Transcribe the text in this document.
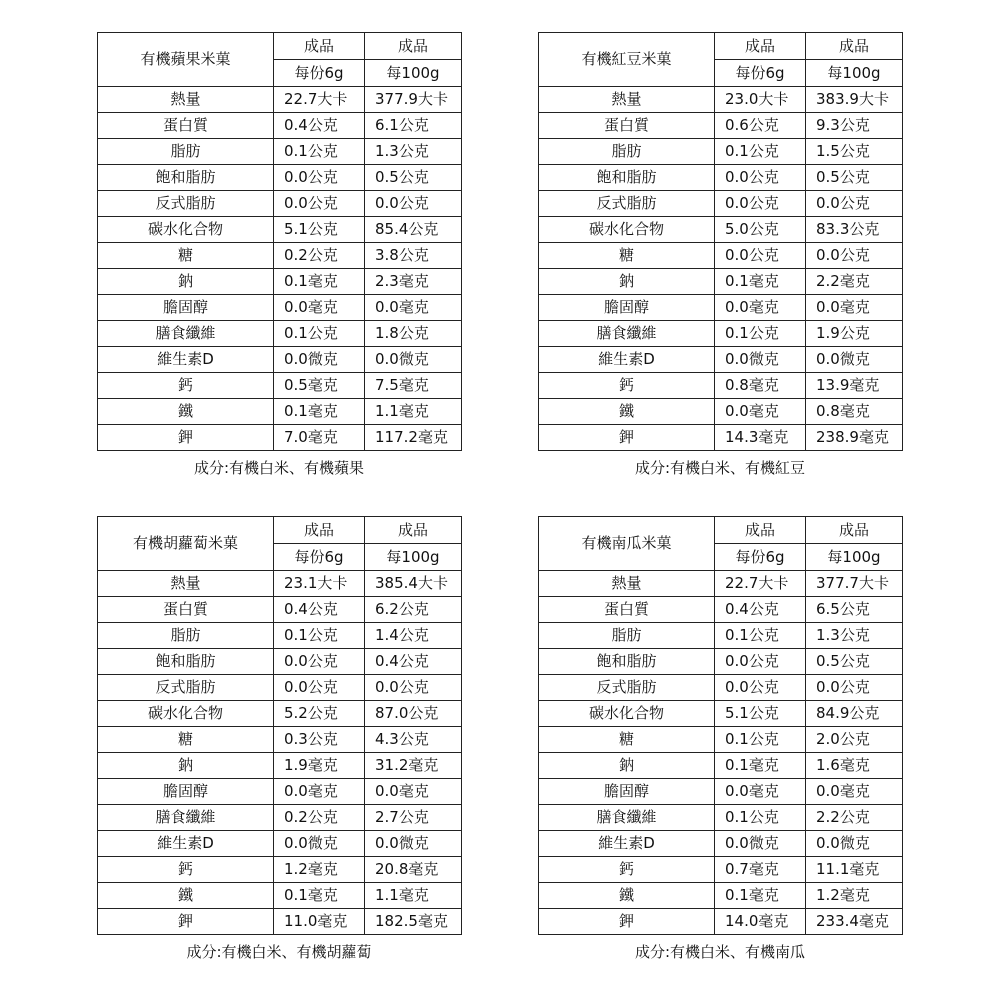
有機蘋果米菓	成品	成品
	每份6g	每100g
熱量	22.7大卡	377.9大卡
蛋白質	0.4公克	6.1公克
脂肪	0.1公克	1.3公克
飽和脂肪	0.0公克	0.5公克
反式脂肪	0.0公克	0.0公克
碳水化合物	5.1公克	85.4公克
糖	0.2公克	3.8公克
鈉	0.1毫克	2.3毫克
膽固醇	0.0毫克	0.0毫克
膳食纖維	0.1公克	1.8公克
維生素D	0.0微克	0.0微克
鈣	0.5毫克	7.5毫克
鐵	0.1毫克	1.1毫克
鉀	7.0毫克	117.2毫克
成分:有機白米、有機蘋果
有機紅豆米菓	成品	成品
	每份6g	每100g
熱量	23.0大卡	383.9大卡
蛋白質	0.6公克	9.3公克
脂肪	0.1公克	1.5公克
飽和脂肪	0.0公克	0.5公克
反式脂肪	0.0公克	0.0公克
碳水化合物	5.0公克	83.3公克
糖	0.0公克	0.0公克
鈉	0.1毫克	2.2毫克
膽固醇	0.0毫克	0.0毫克
膳食纖維	0.1公克	1.9公克
維生素D	0.0微克	0.0微克
鈣	0.8毫克	13.9毫克
鐵	0.0毫克	0.8毫克
鉀	14.3毫克	238.9毫克
成分:有機白米、有機紅豆
有機胡蘿蔔米菓	成品	成品
	每份6g	每100g
熱量	23.1大卡	385.4大卡
蛋白質	0.4公克	6.2公克
脂肪	0.1公克	1.4公克
飽和脂肪	0.0公克	0.4公克
反式脂肪	0.0公克	0.0公克
碳水化合物	5.2公克	87.0公克
糖	0.3公克	4.3公克
鈉	1.9毫克	31.2毫克
膽固醇	0.0毫克	0.0毫克
膳食纖維	0.2公克	2.7公克
維生素D	0.0微克	0.0微克
鈣	1.2毫克	20.8毫克
鐵	0.1毫克	1.1毫克
鉀	11.0毫克	182.5毫克
成分:有機白米、有機胡蘿蔔
有機南瓜米菓	成品	成品
	每份6g	每100g
熱量	22.7大卡	377.7大卡
蛋白質	0.4公克	6.5公克
脂肪	0.1公克	1.3公克
飽和脂肪	0.0公克	0.5公克
反式脂肪	0.0公克	0.0公克
碳水化合物	5.1公克	84.9公克
糖	0.1公克	2.0公克
鈉	0.1毫克	1.6毫克
膽固醇	0.0毫克	0.0毫克
膳食纖維	0.1公克	2.2公克
維生素D	0.0微克	0.0微克
鈣	0.7毫克	11.1毫克
鐵	0.1毫克	1.2毫克
鉀	14.0毫克	233.4毫克
成分:有機白米、有機南瓜
